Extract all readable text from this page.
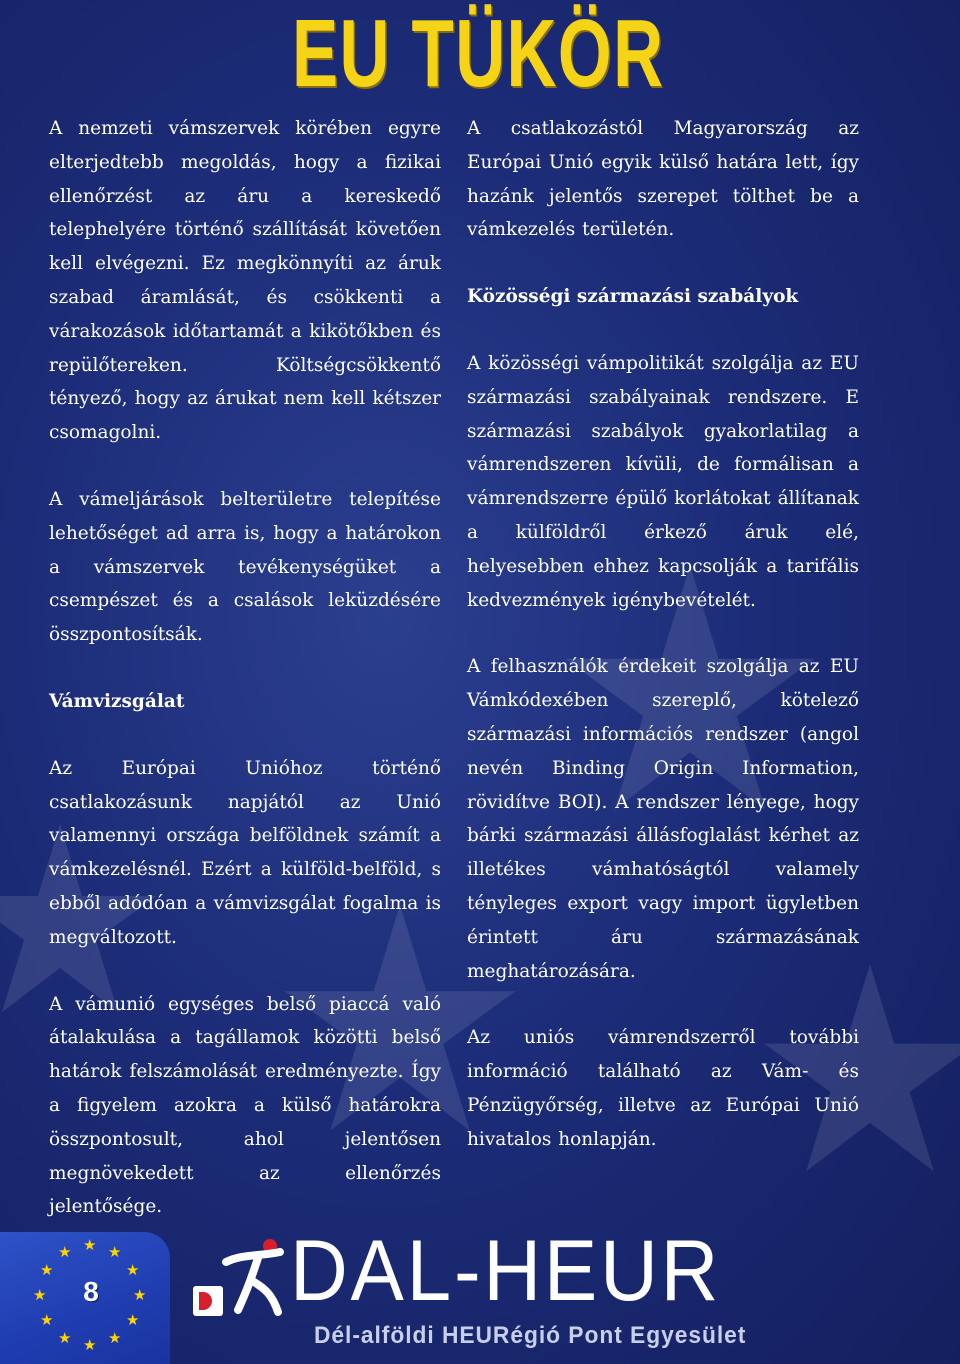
EU TÜKÖR

A nemzeti vámszervek körében egyre elterjedtebb megoldás, hogy a fizikai ellenőrzést az áru a kereskedő telephelyére történő szállítását követően kell elvégezni. Ez megkönnyíti az áruk szabad áramlását, és csökkenti a várakozások időtartamát a kikötőkben és repülőtereken. Költségcsökkentő tényező, hogy az árukat nem kell kétszer csomagolni.

A vámeljárások belterületre telepítése lehetőséget ad arra is, hogy a határokon a vámszervek tevékenységüket a csempészet és a csalások leküzdésére összpontosítsák.

Vámvizsgálat

Az Európai Unióhoz történő csatlakozásunk napjától az Unió valamennyi országa belföldnek számít a vámkezelésnél. Ezért a külföld-belföld, s ebből adódóan a vámvizsgálat fogalma is megváltozott.

A vámunió egységes belső piaccá való átalakulása a tagállamok közötti belső határok felszámolását eredményezte. Így a figyelem azokra a külső határokra összpontosult, ahol jelentősen megnövekedett az ellenőrzés jelentősége.

A csatlakozástól Magyarország az Európai Unió egyik külső határa lett, így hazánk jelentős szerepet tölthet be a vámkezelés területén.

Közösségi származási szabályok

A közösségi vámpolitikát szolgálja az EU származási szabályainak rendszere. E származási szabályok gyakorlatilag a vámrendszeren kívüli, de formálisan a vámrendszerre épülő korlátokat állítanak a külföldről érkező áruk elé, helyesebben ehhez kapcsolják a tarifális kedvezmények igénybevételét.

A felhasználók érdekeit szolgálja az EU Vámkódexében szereplő, kötelező származási információs rendszer (angol nevén Binding Origin Information, rövidítve BOI). A rendszer lényege, hogy bárki származási állásfoglalást kérhet az illetékes vámhatóságtól valamely tényleges export vagy import ügyletben érintett áru származásának meghatározására.

Az uniós vámrendszerről további információ található az Vám- és Pénzügyőrség, illetve az Európai Unió hivatalos honlapján.

★ ★
★
★
★
★
★
★
★
★
★ ★
8 DAL-HEUR
Dél-alföldi HEURégió Pont Egyesület
